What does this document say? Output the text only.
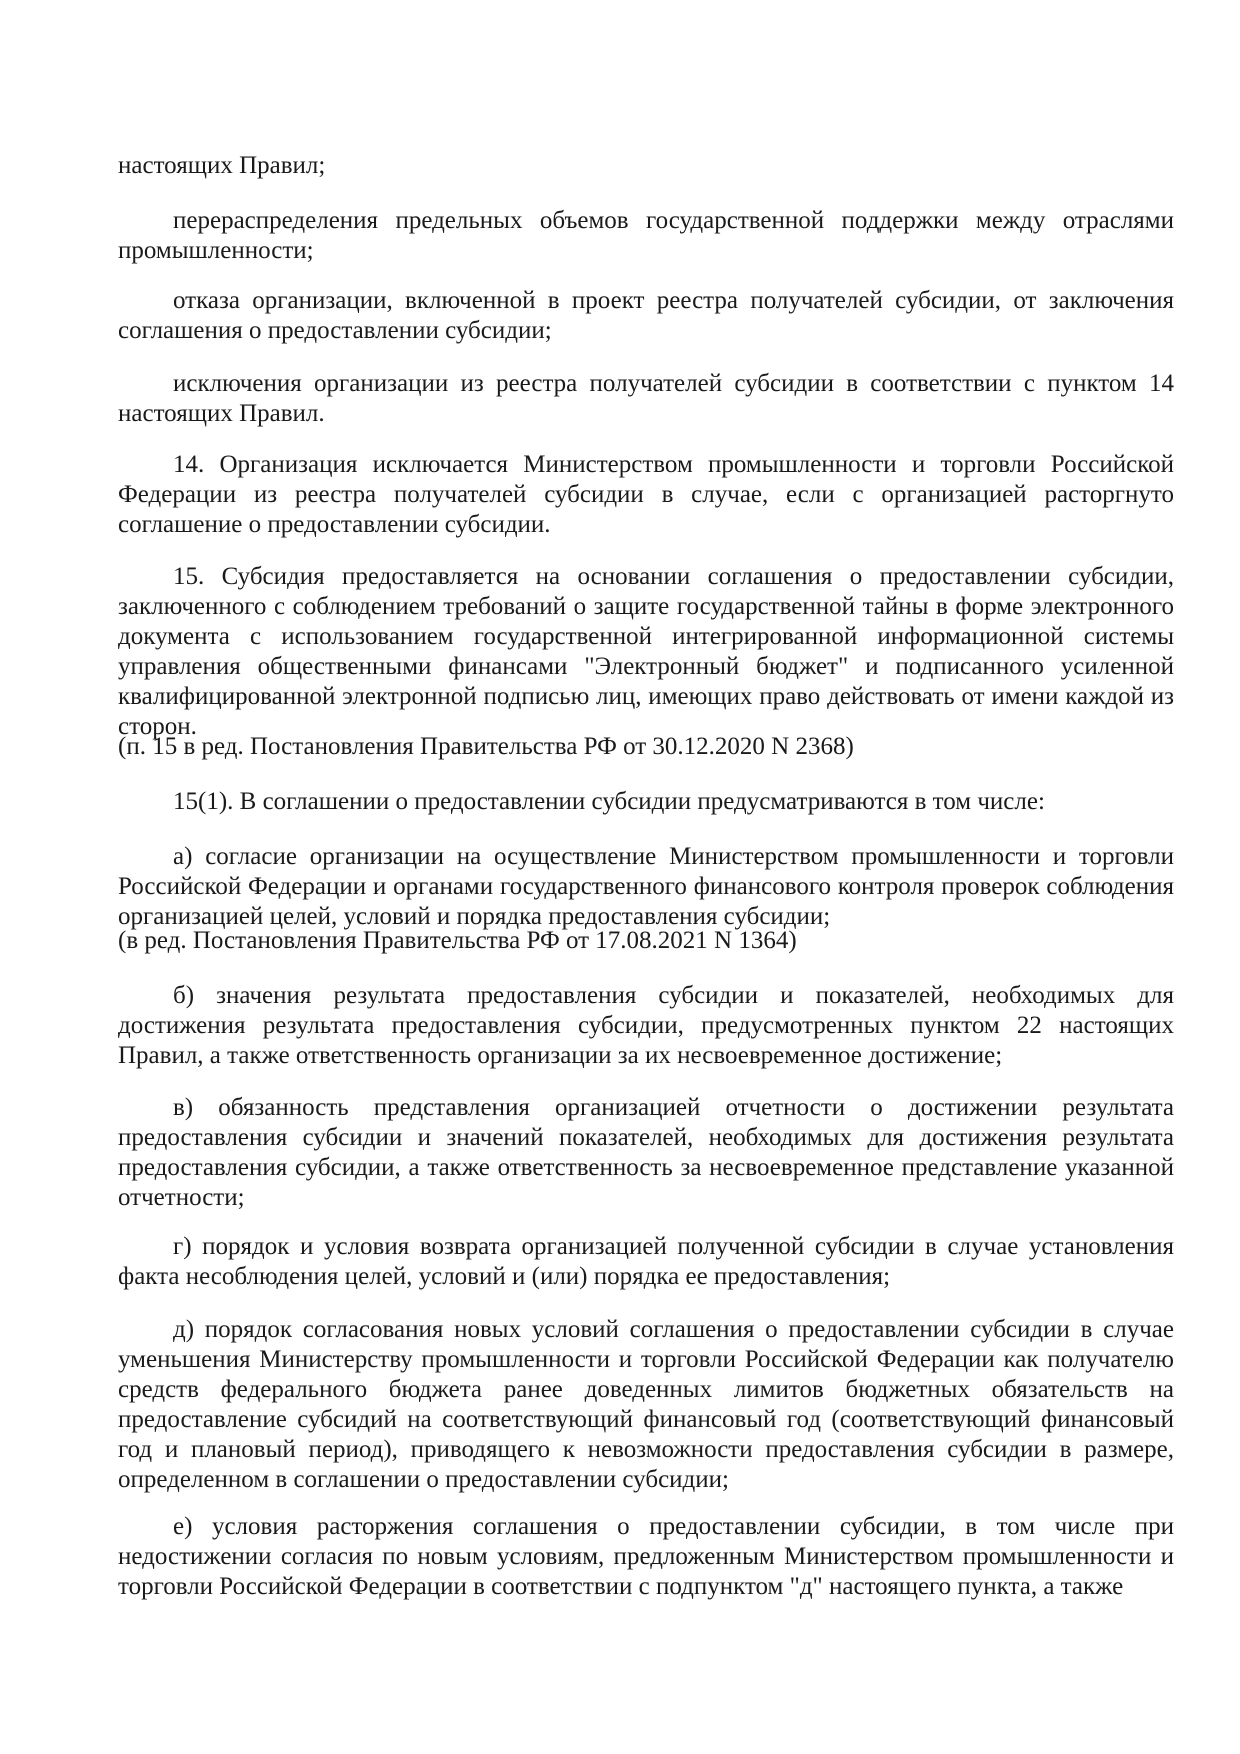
настоящих Правил;

перераспределения предельных объемов государственной поддержки между отраслями промышленности;

отказа организации, включенной в проект реестра получателей субсидии, от заключения соглашения о предоставлении субсидии;

исключения организации из реестра получателей субсидии в соответствии с пунктом 14 настоящих Правил.

14. Организация исключается Министерством промышленности и торговли Российской Федерации из реестра получателей субсидии в случае, если с организацией расторгнуто соглашение о предоставлении субсидии.

15. Субсидия предоставляется на основании соглашения о предоставлении субсидии, заключенного с соблюдением требований о защите государственной тайны в форме электронного документа с использованием государственной интегрированной информационной системы управления общественными финансами "Электронный бюджет" и подписанного усиленной квалифицированной электронной подписью лиц, имеющих право действовать от имени каждой из сторон.

(п. 15 в ред. Постановления Правительства РФ от 30.12.2020 N 2368)

15(1). В соглашении о предоставлении субсидии предусматриваются в том числе:

а) согласие организации на осуществление Министерством промышленности и торговли Российской Федерации и органами государственного финансового контроля проверок соблюдения организацией целей, условий и порядка предоставления субсидии;

(в ред. Постановления Правительства РФ от 17.08.2021 N 1364)

б) значения результата предоставления субсидии и показателей, необходимых для достижения результата предоставления субсидии, предусмотренных пунктом 22 настоящих Правил, а также ответственность организации за их несвоевременное достижение;

в) обязанность представления организацией отчетности о достижении результата предоставления субсидии и значений показателей, необходимых для достижения результата предоставления субсидии, а также ответственность за несвоевременное представление указанной отчетности;

г) порядок и условия возврата организацией полученной субсидии в случае установления факта несоблюдения целей, условий и (или) порядка ее предоставления;

д) порядок согласования новых условий соглашения о предоставлении субсидии в случае уменьшения Министерству промышленности и торговли Российской Федерации как получателю средств федерального бюджета ранее доведенных лимитов бюджетных обязательств на предоставление субсидий на соответствующий финансовый год (соответствующий финансовый год и плановый период), приводящего к невозможности предоставления субсидии в размере, определенном в соглашении о предоставлении субсидии;

е) условия расторжения соглашения о предоставлении субсидии, в том числе при недостижении согласия по новым условиям, предложенным Министерством промышленности и торговли Российской Федерации в соответствии с подпунктом "д" настоящего пункта, а также
